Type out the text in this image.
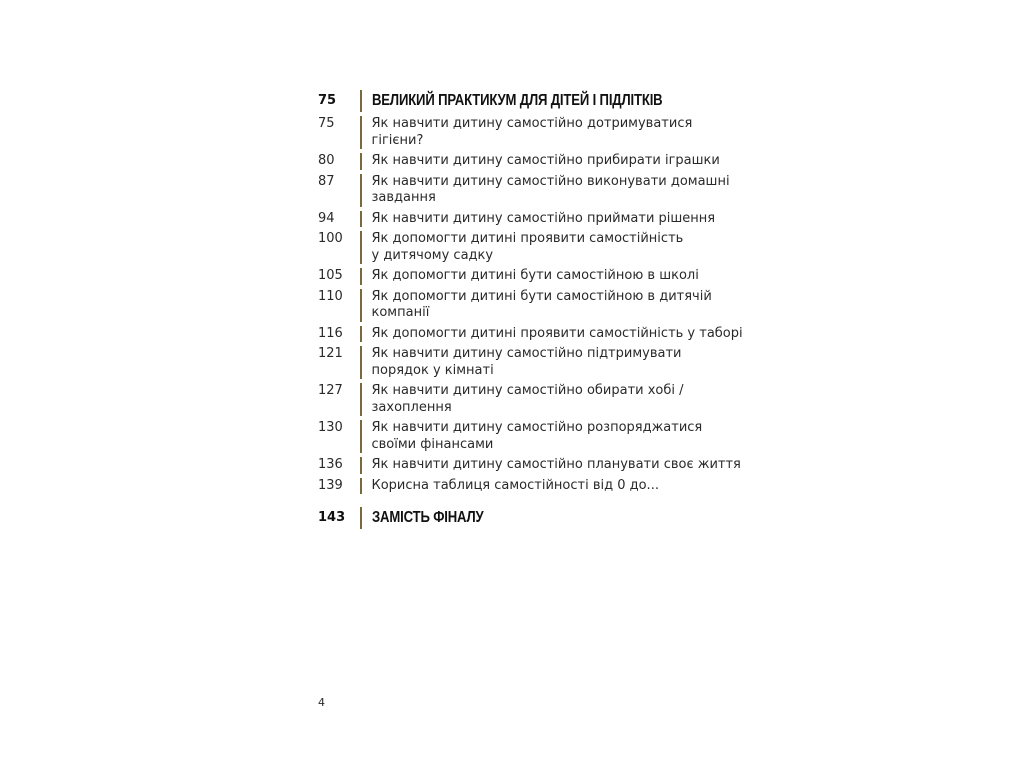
75	ВЕЛИКИЙ ПРАКТИКУМ ДЛЯ ДІТЕЙ І ПІДЛІТКІВ
75	Як навчити дитину самостійно дотримуватися гігієни?
80	Як навчити дитину самостійно прибирати іграшки
87	Як навчити дитину самостійно виконувати домашні завдання
94	Як навчити дитину самостійно приймати рішення
100	Як допомогти дитині проявити самостійність у дитячому садку
105	Як допомогти дитині бути самостійною в школі
110	Як допомогти дитині бути самостійною в дитячій компанії
116	Як допомогти дитині проявити самостійність у таборі
121	Як навчити дитину самостійно підтримувати порядок у кімнаті
127	Як навчити дитину самостійно обирати хобі / захоплення
130	Як навчити дитину самостійно розпоряджатися своїми фінансами
136	Як навчити дитину самостійно планувати своє життя
139	Корисна таблиця самостійності від 0 до...
143	ЗАМІСТЬ ФІНАЛУ
4
